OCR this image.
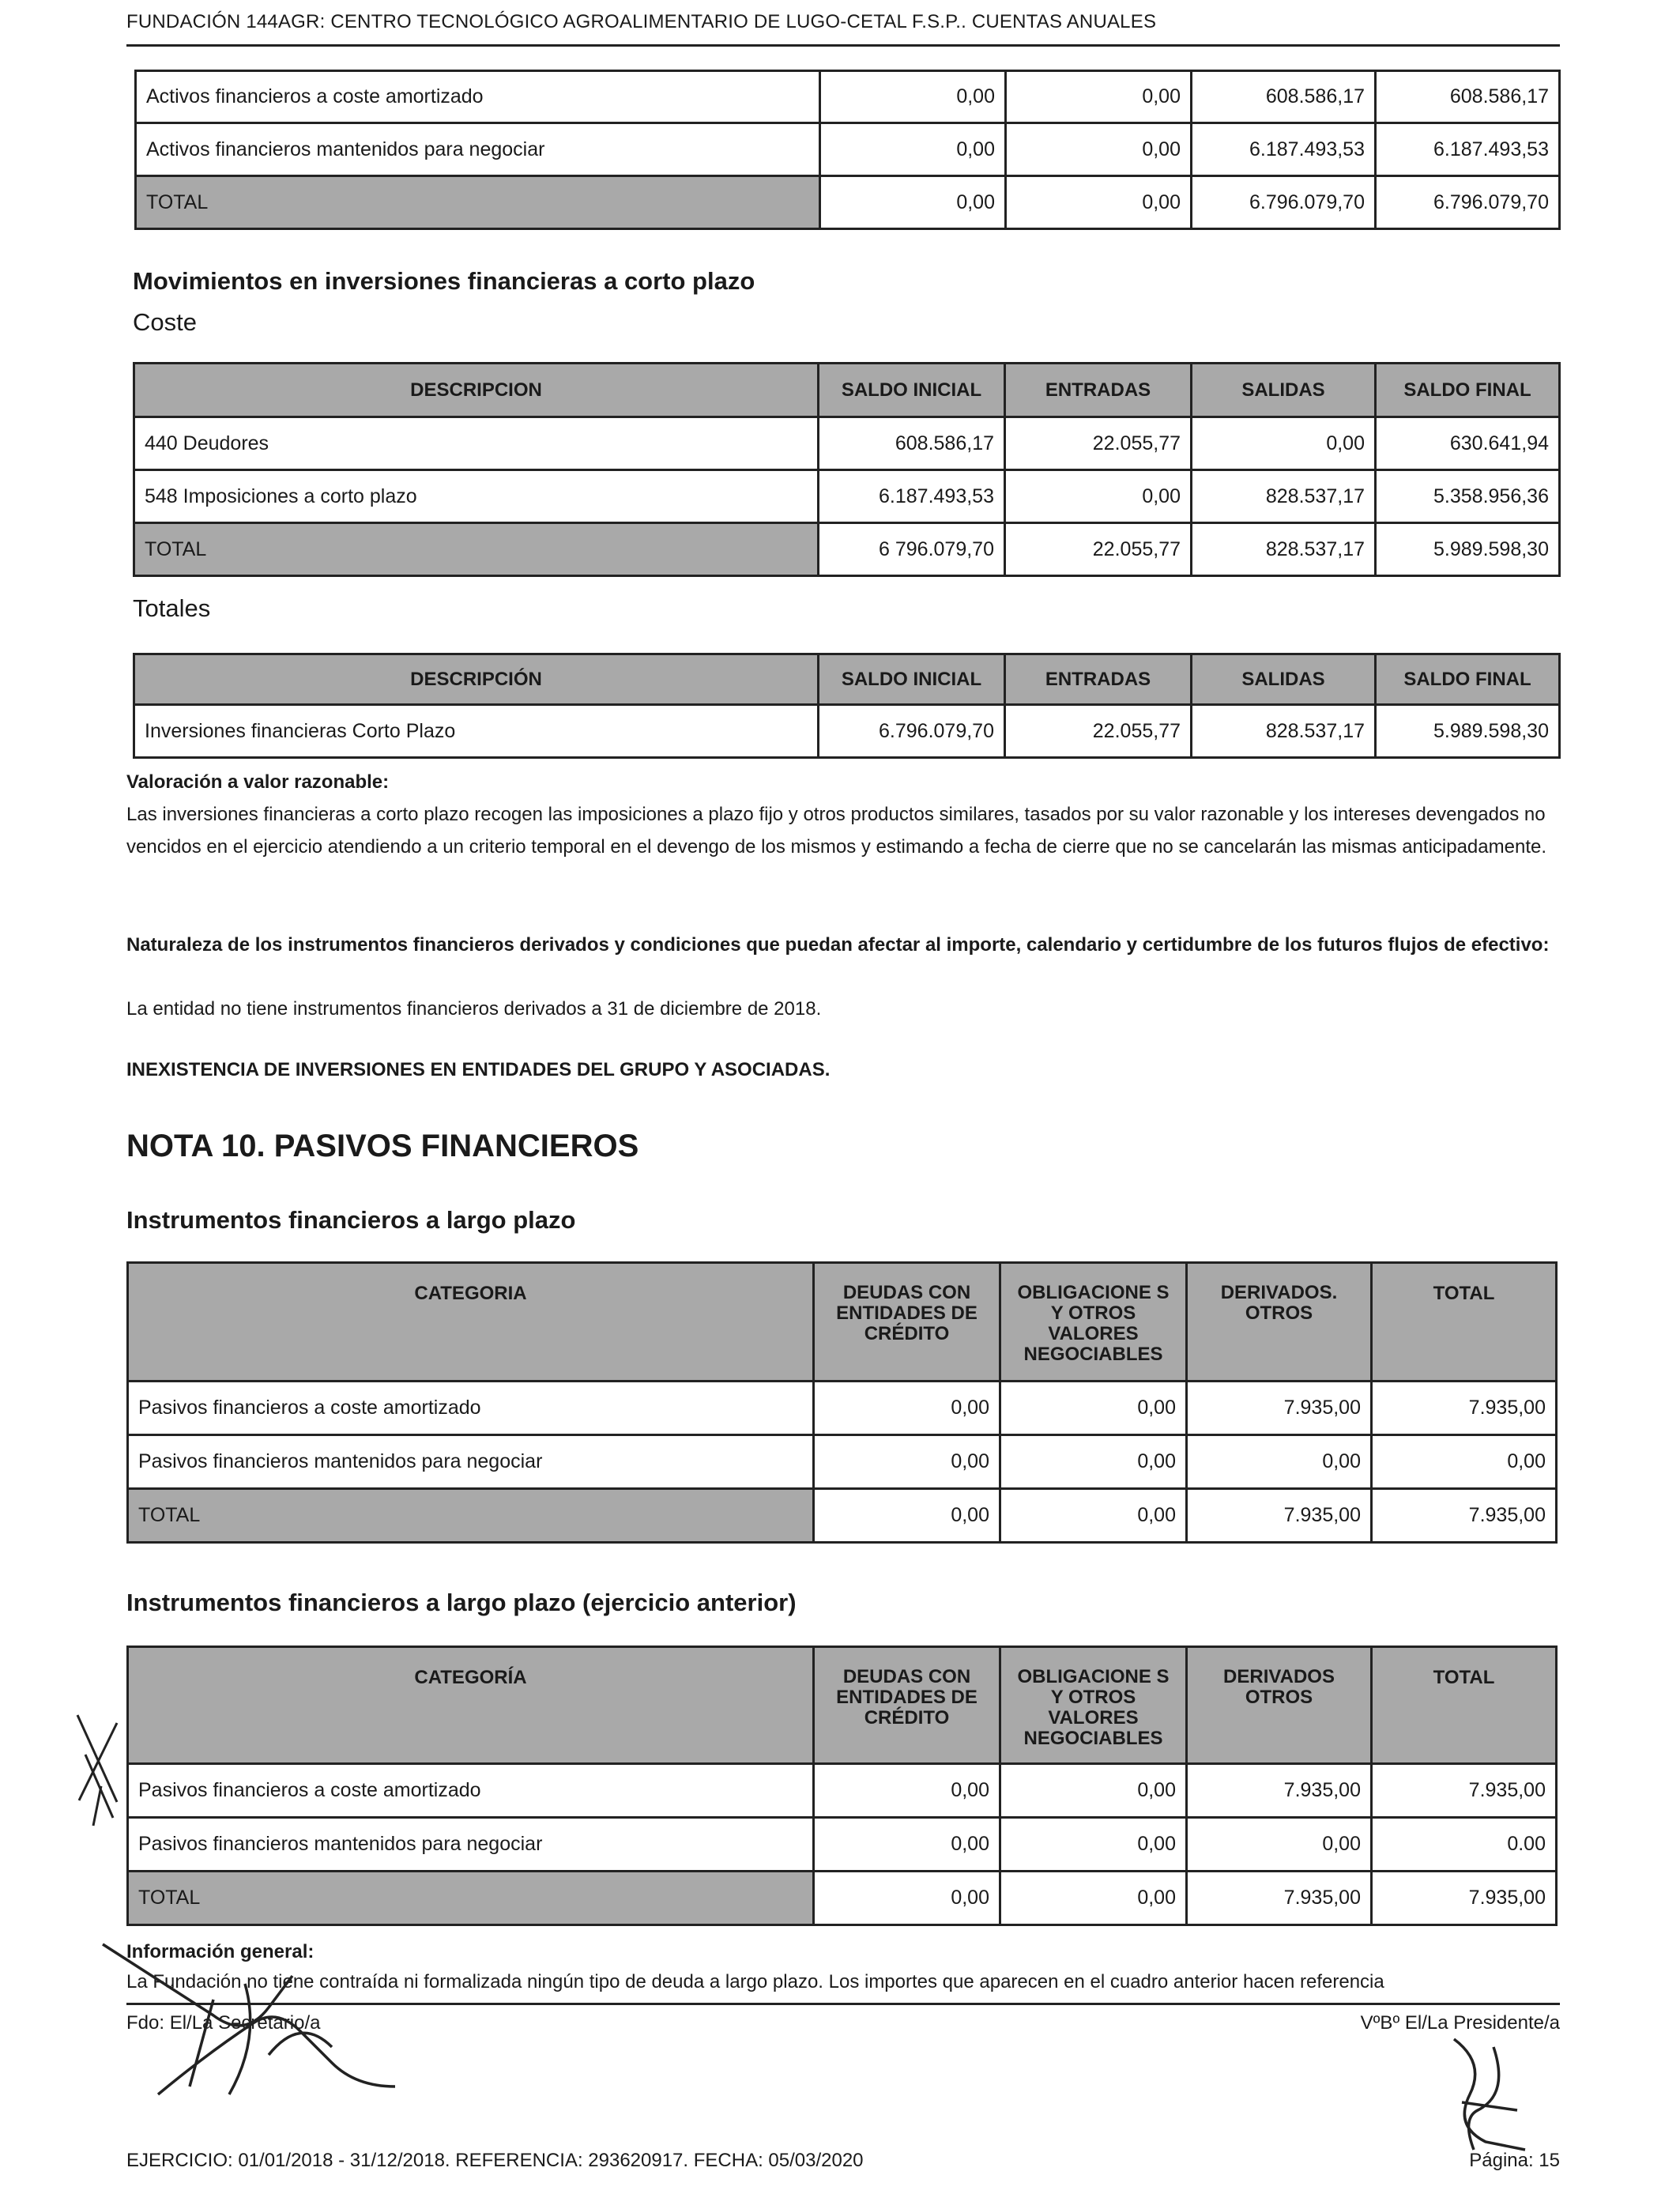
FUNDACIÓN 144AGR: CENTRO TECNOLÓGICO AGROALIMENTARIO DE LUGO-CETAL F.S.P.. CUENTAS ANUALES
Activos financieros a coste amortizado	0,00	0,00	608.586,17	608.586,17
Activos financieros mantenidos para negociar	0,00	0,00	6.187.493,53	6.187.493,53
TOTAL	0,00	0,00	6.796.079,70	6.796.079,70
Movimientos en inversiones financieras a corto plazo
Coste
DESCRIPCION	SALDO INICIAL	ENTRADAS	SALIDAS	SALDO FINAL
440 Deudores	608.586,17	22.055,77	0,00	630.641,94
548 Imposiciones a corto plazo	6.187.493,53	0,00	828.537,17	5.358.956,36
TOTAL	6 796.079,70	22.055,77	828.537,17	5.989.598,30
Totales
DESCRIPCIÓN	SALDO INICIAL	ENTRADAS	SALIDAS	SALDO FINAL
Inversiones financieras Corto Plazo	6.796.079,70	22.055,77	828.537,17	5.989.598,30
Valoración a valor razonable:
Las inversiones financieras a corto plazo recogen las imposiciones a plazo fijo y otros productos similares, tasados por su valor razonable y los intereses devengados no vencidos en el ejercicio atendiendo a un criterio temporal en el devengo de los mismos y estimando a fecha de cierre que no se cancelarán las mismas anticipadamente.
Naturaleza de los instrumentos financieros derivados y condiciones que puedan afectar al importe, calendario y certidumbre de los futuros flujos de efectivo:
La entidad no tiene instrumentos financieros derivados a 31 de diciembre de 2018.
INEXISTENCIA DE INVERSIONES EN ENTIDADES DEL GRUPO Y ASOCIADAS.
NOTA 10. PASIVOS FINANCIEROS
Instrumentos financieros a largo plazo
CATEGORIA	DEUDAS CON ENTIDADES DE CRÉDITO	OBLIGACIONE S Y OTROS VALORES NEGOCIABLES	DERIVADOS. OTROS	TOTAL
Pasivos financieros a coste amortizado	0,00	0,00	7.935,00	7.935,00
Pasivos financieros mantenidos para negociar	0,00	0,00	0,00	0,00
TOTAL	0,00	0,00	7.935,00	7.935,00
Instrumentos financieros a largo plazo (ejercicio anterior)
CATEGORÍA	DEUDAS CON ENTIDADES DE CRÉDITO	OBLIGACIONE S Y OTROS VALORES NEGOCIABLES	DERIVADOS OTROS	TOTAL
Pasivos financieros a coste amortizado	0,00	0,00	7.935,00	7.935,00
Pasivos financieros mantenidos para negociar	0,00	0,00	0,00	0.00
TOTAL	0,00	0,00	7.935,00	7.935,00
Información general:
La Fundación no tiene contraída ni formalizada ningún tipo de deuda a largo plazo. Los importes que aparecen en el cuadro anterior hacen referencia
Fdo: El/La Secretario/a	VºBº El/La Presidente/a
EJERCICIO: 01/01/2018 - 31/12/2018. REFERENCIA: 293620917. FECHA: 05/03/2020	Página: 15
